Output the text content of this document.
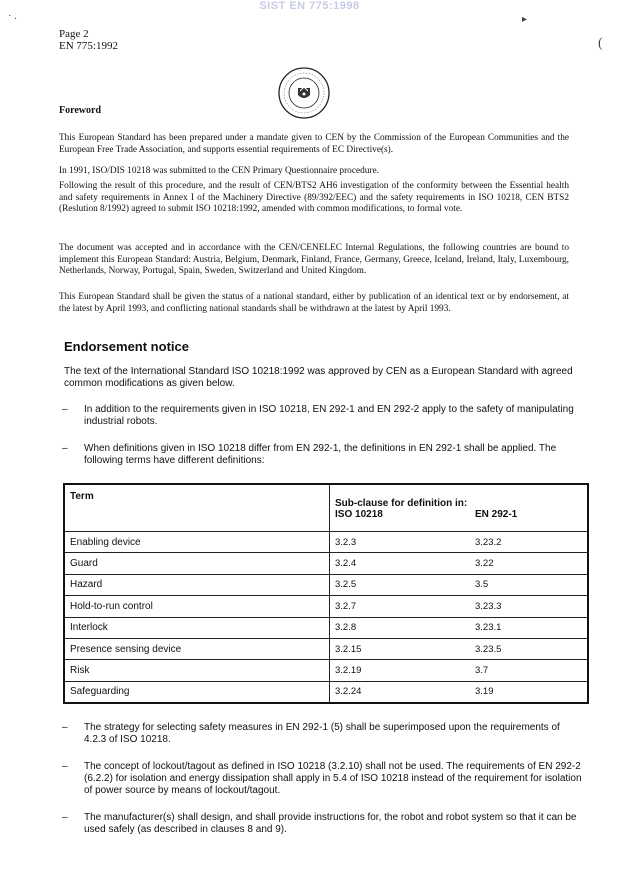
SIST EN 775:1998
˙ ·	▸
(
Page 2
EN 775:1992
Foreword
This European Standard has been prepared under a mandate given to CEN by the Commission of the European Communities and the European Free Trade Association, and supports essential requirements of EC Directive(s).
In 1991, ISO/DIS 10218 was submitted to the CEN Primary Questionnaire procedure.
Following the result of this procedure, and the result of CEN/BTS2 AH6 investigation of the conformity between the Essential health and safety requirements in Annex I of the Machinery Directive (89/392/EEC) and the safety requirements in ISO 10218, CEN BTS2 (Reslution 8/1992) agreed to submit ISO 10218:1992, amended with common modifications, to formal vote.
The document was accepted and in accordance with the CEN/CENELEC Internal Regulations, the following countries are bound to implement this European Standard: Austria, Belgium, Denmark, Finland, France, Germany, Greece, Iceland, Ireland, Italy, Luxembourg, Netherlands, Norway, Portugal, Spain, Sweden, Switzerland and United Kingdom.
This European Standard shall be given the status of a national standard, either by publication of an identical text or by endorsement, at the latest by April 1993, and conflicting national standards shall be withdrawn at the latest by April 1993.
Endorsement notice
The text of the International Standard ISO 10218:1992 was approved by CEN as a European Standard with agreed common modifications as given below.
– In addition to the requirements given in ISO 10218, EN 292-1 and EN 292-2 apply to the safety of manipulating industrial robots.
– When definitions given in ISO 10218 differ from EN 292-1, the definitions in EN 292-1 shall be applied. The following terms have different definitions:
Term	Sub-clause for definition in:
ISO 10218 EN 292-1	

Enabling device	3.2.3	3.23.2
Guard	3.2.4	3.22
Hazard	3.2.5	3.5
Hold-to-run control	3.2.7	3.23.3
Interlock	3.2.8	3.23.1
Presence sensing device	3.2.15	3.23.5
Risk	3.2.19	3.7
Safeguarding	3.2.24	3.19
– The strategy for selecting safety measures in EN 292-1 (5) shall be superimposed upon the requirements of 4.2.3 of ISO 10218.
– The concept of lockout/tagout as defined in ISO 10218 (3.2.10) shall not be used. The requirements of EN 292-2 (6.2.2) for isolation and energy dissipation shall apply in 5.4 of ISO 10218 instead of the requirement for isolation of power source by means of lockout/tagout.
– The manufacturer(s) shall design, and shall provide instructions for, the robot and robot system so that it can be used safely (as described in clauses 8 and 9).
